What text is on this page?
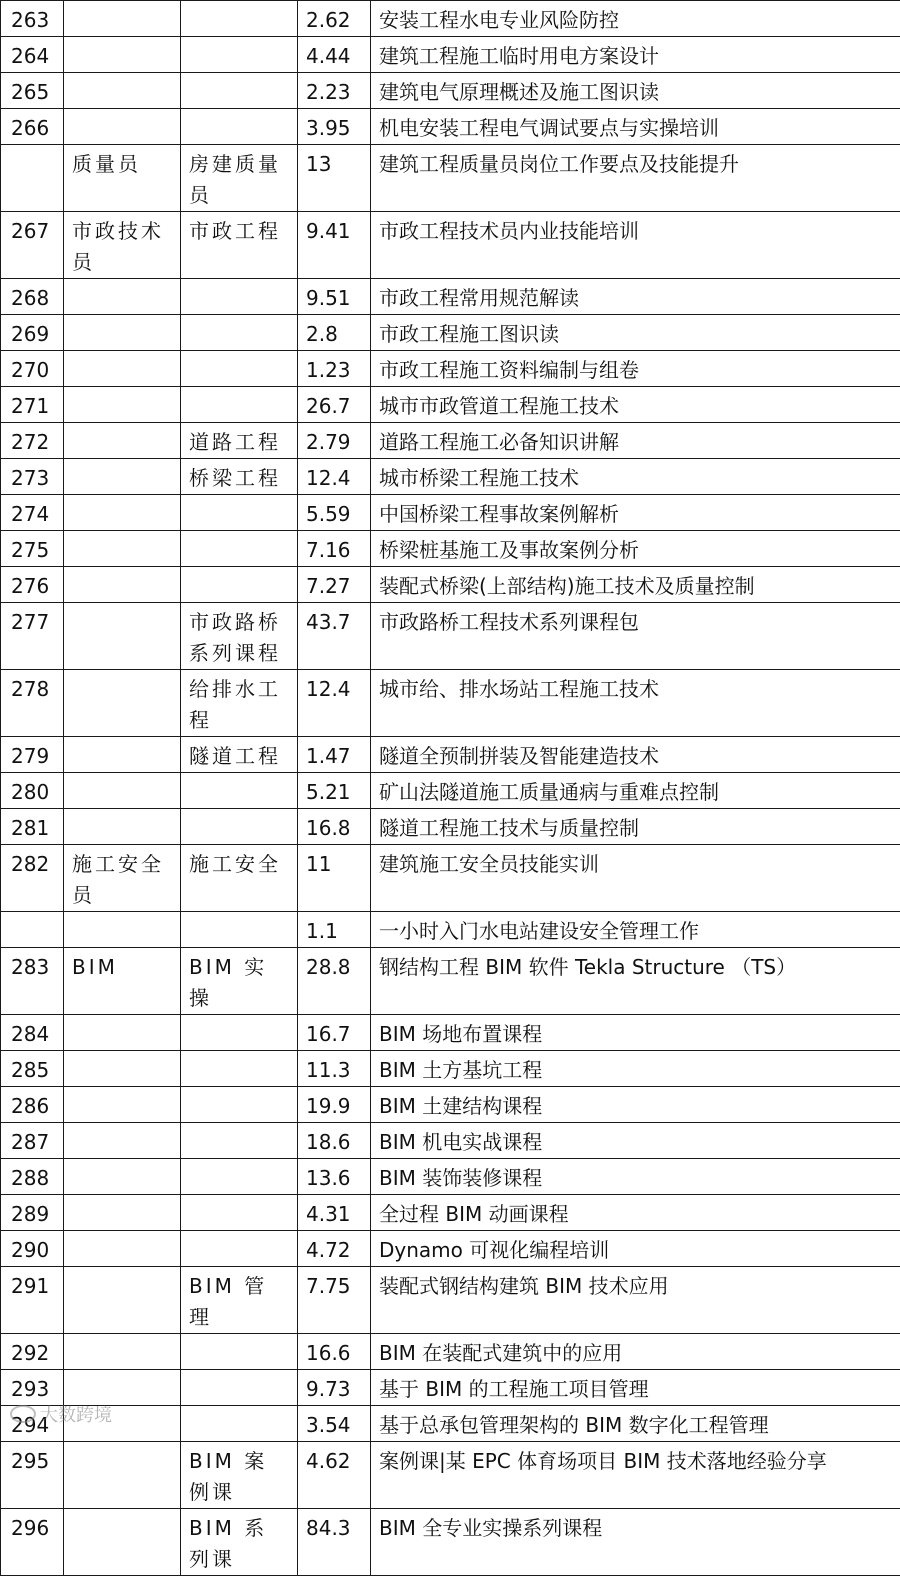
263			2.62	安装工程水电专业风险防控
264			4.44	建筑工程施工临时用电方案设计
265			2.23	建筑电气原理概述及施工图识读
266			3.95	机电安装工程电气调试要点与实操培训
	质量员	房建质量员	13	建筑工程质量员岗位工作要点及技能提升
267	市政技术员	市政工程	9.41	市政工程技术员内业技能培训
268			9.51	市政工程常用规范解读
269			2.8	市政工程施工图识读
270			1.23	市政工程施工资料编制与组卷
271			26.7	城市市政管道工程施工技术
272		道路工程	2.79	道路工程施工必备知识讲解
273		桥梁工程	12.4	城市桥梁工程施工技术
274			5.59	中国桥梁工程事故案例解析
275			7.16	桥梁桩基施工及事故案例分析
276			7.27	装配式桥梁(上部结构)施工技术及质量控制
277		市政路桥系列课程	43.7	市政路桥工程技术系列课程包
278		给排水工程	12.4	城市给、排水场站工程施工技术
279		隧道工程	1.47	隧道全预制拼装及智能建造技术
280			5.21	矿山法隧道施工质量通病与重难点控制
281			16.8	隧道工程施工技术与质量控制
282	施工安全员	施工安全	11	建筑施工安全员技能实训
			1.1	一小时入门水电站建设安全管理工作
283	BIM	BIM 实操	28.8	钢结构工程 BIM 软件 Tekla Structure （TS）
284			16.7	BIM 场地布置课程
285			11.3	BIM 土方基坑工程
286			19.9	BIM 土建结构课程
287			18.6	BIM 机电实战课程
288			13.6	BIM 装饰装修课程
289			4.31	全过程 BIM 动画课程
290			4.72	Dynamo 可视化编程培训
291		BIM 管理	7.75	装配式钢结构建筑 BIM 技术应用
292			16.6	BIM 在装配式建筑中的应用
293			9.73	基于 BIM 的工程施工项目管理
294			3.54	基于总承包管理架构的 BIM 数字化工程管理
295		BIM 案例课	4.62	案例课|某 EPC 体育场项目 BIM 技术落地经验分享
296		BIM 系列课	84.3	BIM 全专业实操系列课程
大数跨境
